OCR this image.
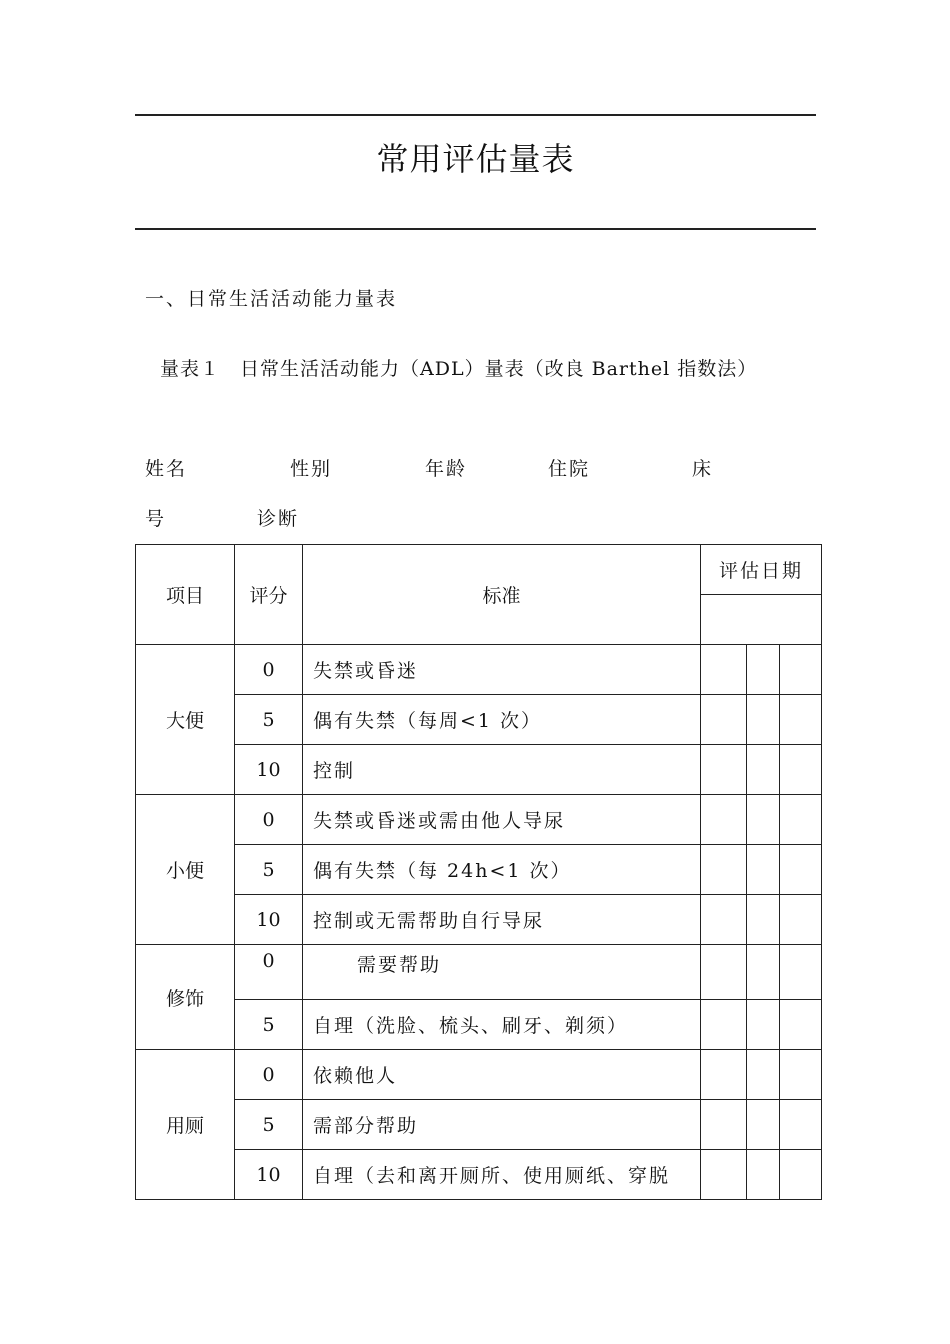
常用评估量表
一、日常生活活动能力量表
量表１　日常生活活动能力（ADL）量表（改良 Barthel 指数法）
姓名	性别	年龄	住院	床
号	诊断
项目	评分	标准	评估日期		

大便	0	失禁或昏迷			
	5	偶有失禁（每周<1 次）			
	10	控制			
小便	0	失禁或昏迷或需由他人导尿			
	5	偶有失禁（每 24h<1 次）			
	10	控制或无需帮助自行导尿			
修饰	0	需要帮助			
	5	自理（洗脸、梳头、刷牙、剃须）			
用厕	0	依赖他人			
	5	需部分帮助			
	10	自理（去和离开厕所、使用厕纸、穿脱			
